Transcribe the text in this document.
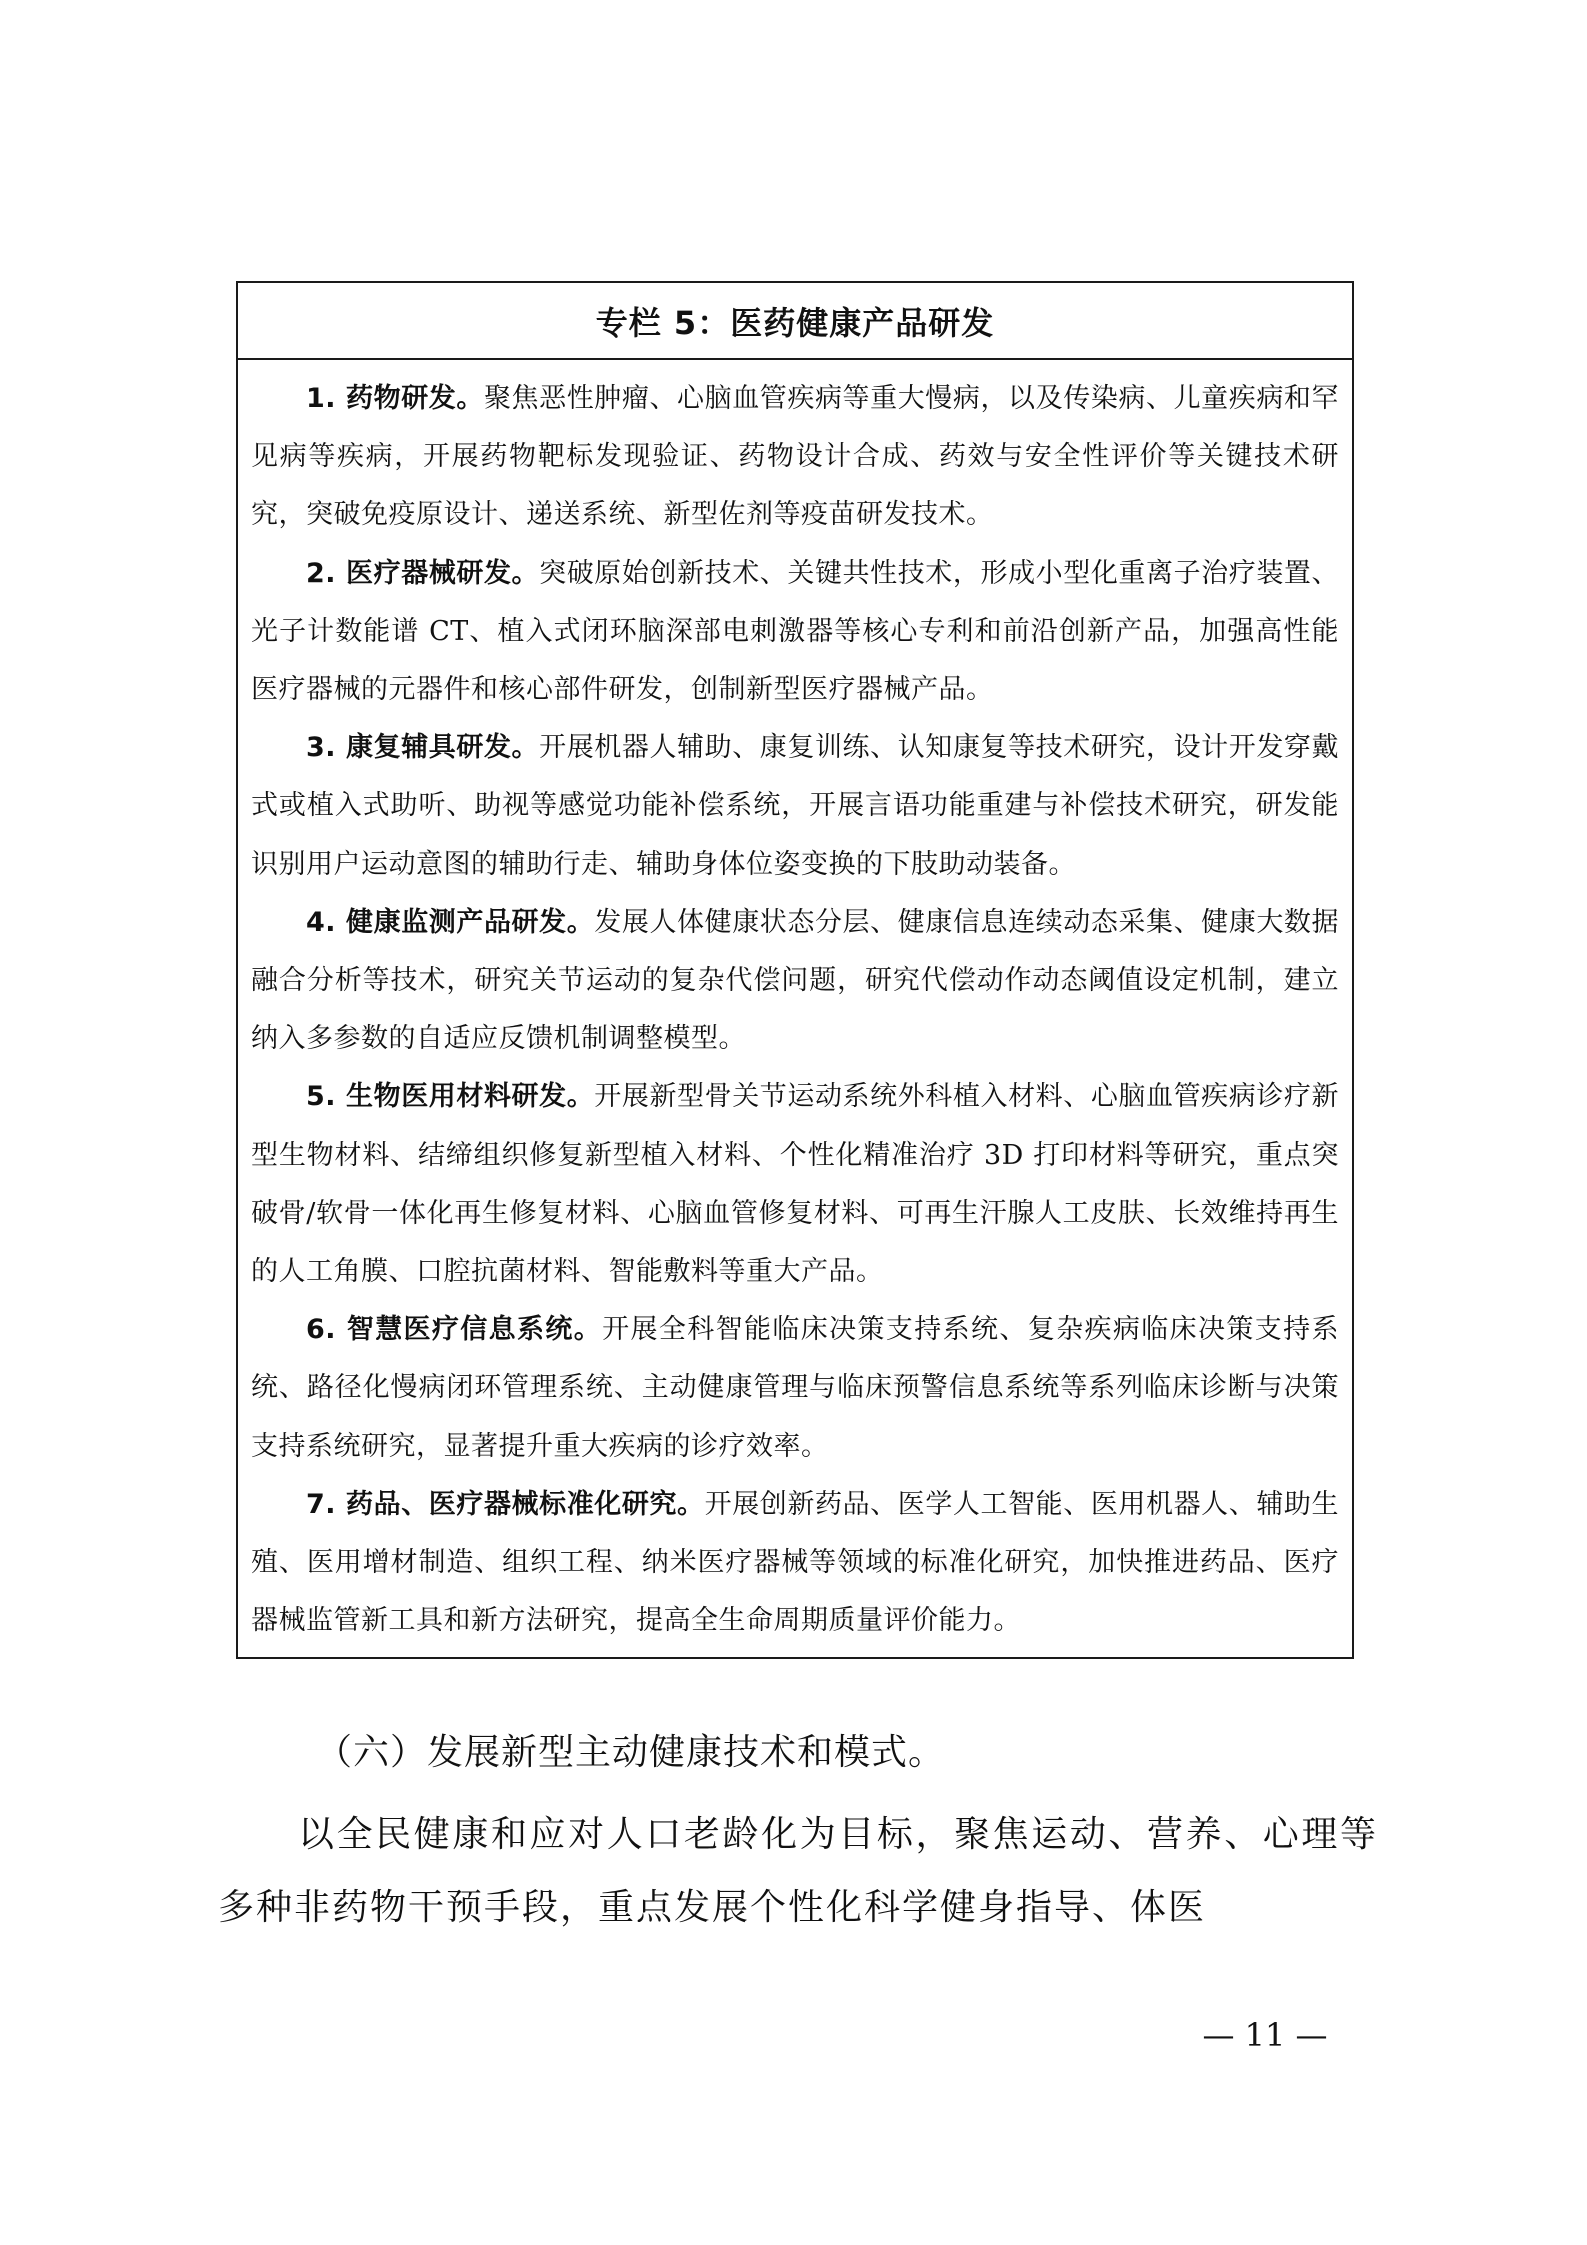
专栏 5：医药健康产品研发

1. 药物研发。聚焦恶性肿瘤、心脑血管疾病等重大慢病，以及传染病、儿童疾病和罕见病等疾病，开展药物靶标发现验证、药物设计合成、药效与安全性评价等关键技术研究，突破免疫原设计、递送系统、新型佐剂等疫苗研发技术。

2. 医疗器械研发。突破原始创新技术、关键共性技术，形成小型化重离子治疗装置、光子计数能谱 CT、植入式闭环脑深部电刺激器等核心专利和前沿创新产品，加强高性能医疗器械的元器件和核心部件研发，创制新型医疗器械产品。

3. 康复辅具研发。开展机器人辅助、康复训练、认知康复等技术研究，设计开发穿戴式或植入式助听、助视等感觉功能补偿系统，开展言语功能重建与补偿技术研究，研发能识别用户运动意图的辅助行走、辅助身体位姿变换的下肢助动装备。

4. 健康监测产品研发。发展人体健康状态分层、健康信息连续动态采集、健康大数据融合分析等技术，研究关节运动的复杂代偿问题，研究代偿动作动态阈值设定机制，建立纳入多参数的自适应反馈机制调整模型。

5. 生物医用材料研发。开展新型骨关节运动系统外科植入材料、心脑血管疾病诊疗新型生物材料、结缔组织修复新型植入材料、个性化精准治疗 3D 打印材料等研究，重点突破骨/软骨一体化再生修复材料、心脑血管修复材料、可再生汗腺人工皮肤、长效维持再生的人工角膜、口腔抗菌材料、智能敷料等重大产品。

6. 智慧医疗信息系统。开展全科智能临床决策支持系统、复杂疾病临床决策支持系统、路径化慢病闭环管理系统、主动健康管理与临床预警信息系统等系列临床诊断与决策支持系统研究，显著提升重大疾病的诊疗效率。

7. 药品、医疗器械标准化研究。开展创新药品、医学人工智能、医用机器人、辅助生殖、医用增材制造、组织工程、纳米医疗器械等领域的标准化研究，加快推进药品、医疗器械监管新工具和新方法研究，提高全生命周期质量评价能力。

（六）发展新型主动健康技术和模式。

以全民健康和应对人口老龄化为目标，聚焦运动、营养、心理等多种非药物干预手段，重点发展个性化科学健身指导、体医

— 11 —
